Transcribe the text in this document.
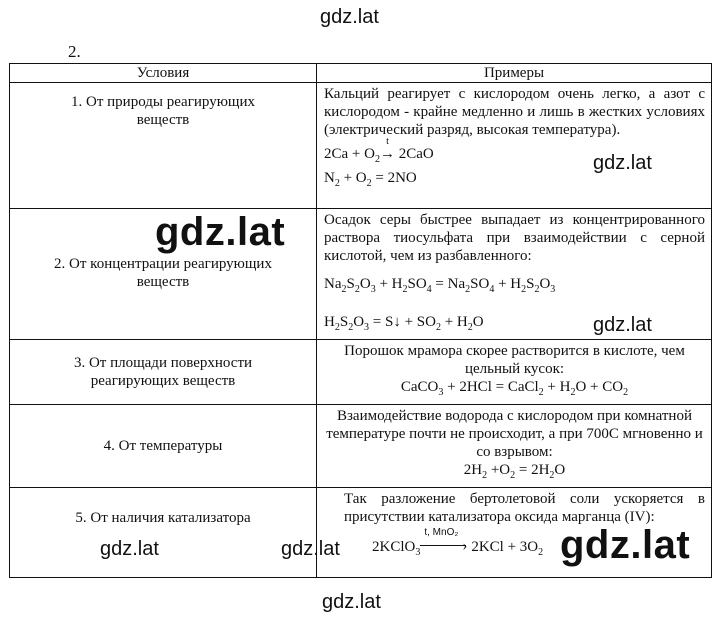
gdz.lat
gdz.lat
gdz.lat
gdz.lat
gdz.lat	gdz.lat	gdz.lat
gdz.lat
2.
Условия	Примеры
1. От природы реагирующих веществ	Кальций реагирует с кислородом очень легко, а азот с кислородом - крайне медленно и лишь в жестких условиях (электрический разряд, высокая температура).
$2Ca + O_2$
t
→ 2CaO
$N_2 + O_2 = 2NO$

2. От концентрации реагирующих веществ	Осадок серы быстрее выпадает из концентрированного раствора тиосульфата при взаимодействии с серной кислотой, чем из разбавленного:
$Na_2S_2O_3 + H_2SO_4 = Na_2SO_4 + H_2S_2O_3$
$H_2S_2O_3$ = S↓ + $SO_2 + H_2O$

3. От площади поверхности реагирующих веществ	Порошок мрамора скорее растворится в кислоте, чем цельный кусок:
CaCO$_3$ + 2HCl = CaCl$_2$ + $H_2O + CO_2$

4. От температуры	Взаимодействие водорода с кислородом при комнатной температуре почти не происходит, а при 700С мгновенно и со взрывом:
$2H_2 +O_2 = 2H_2O$

5. От наличия катализатора	Так разложение бертолетовой соли ускоряется в присутствии катализатора оксида марганца (IV):
2KClO$_3$
t, MnO₂
› $2KCl + 3O_2$
